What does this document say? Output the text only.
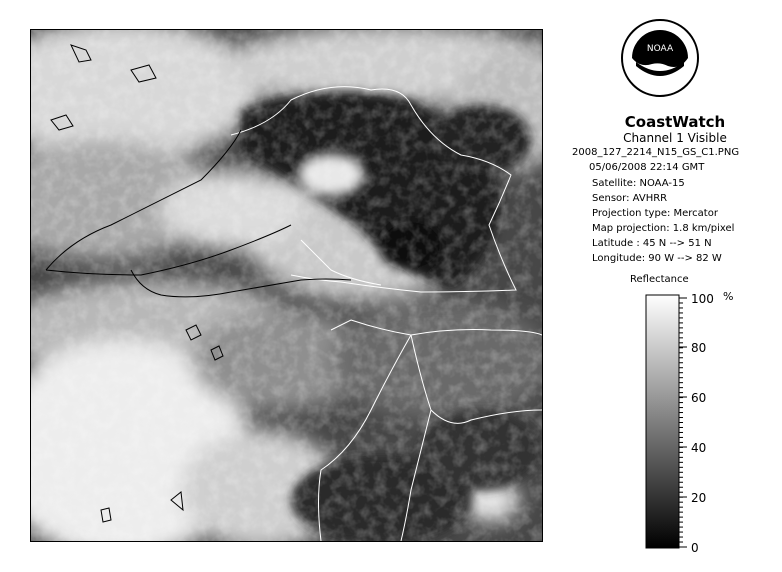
NOAA
CoastWatch
Channel 1 Visible
2008_127_2214_N15_GS_C1.PNG
05/06/2008 22:14 GMT
Satellite: NOAA-15
Sensor: AVHRR
Projection type: Mercator
Map projection: 1.8 km/pixel
Latitude : 45 N --> 51 N
Longitude: 90 W --> 82 W
Reflectance
100
80
60
40
20
0
%
